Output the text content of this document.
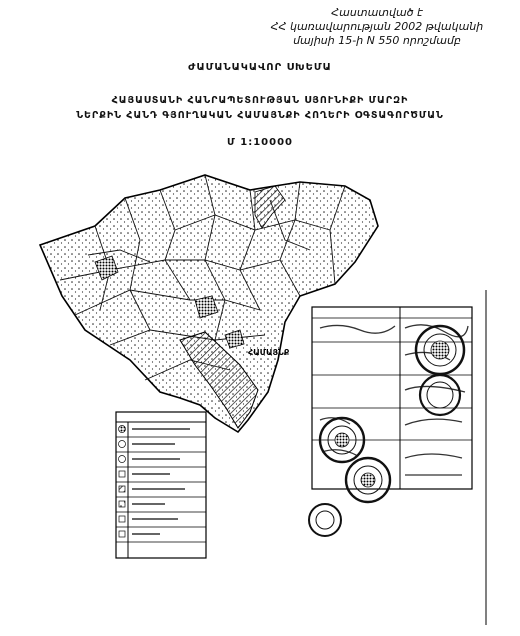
Հաստատված է
ՀՀ կառավարության 2002 թվականի
մայիսի 15-ի N 550 որոշմամբ
ԺԱՄԱՆԱԿԱՎՈՐ ՍԽԵՄԱ
ՀԱՅԱՍՏԱՆԻ ՀԱՆՐԱՊԵՏՈՒԹՅԱՆ ՍՅՈՒՆԻՔԻ ՄԱՐԶԻ
ՆԵՐՔԻՆ ՀԱՆԴ ԳՅՈՒՂԱԿԱՆ ՀԱՄԱՅՆՔԻ ՀՈՂԵՐԻ ՕԳՏԱԳՈՐԾՄԱՆ
Մ 1:10000
ՀԱՄԱՅՆՔ
